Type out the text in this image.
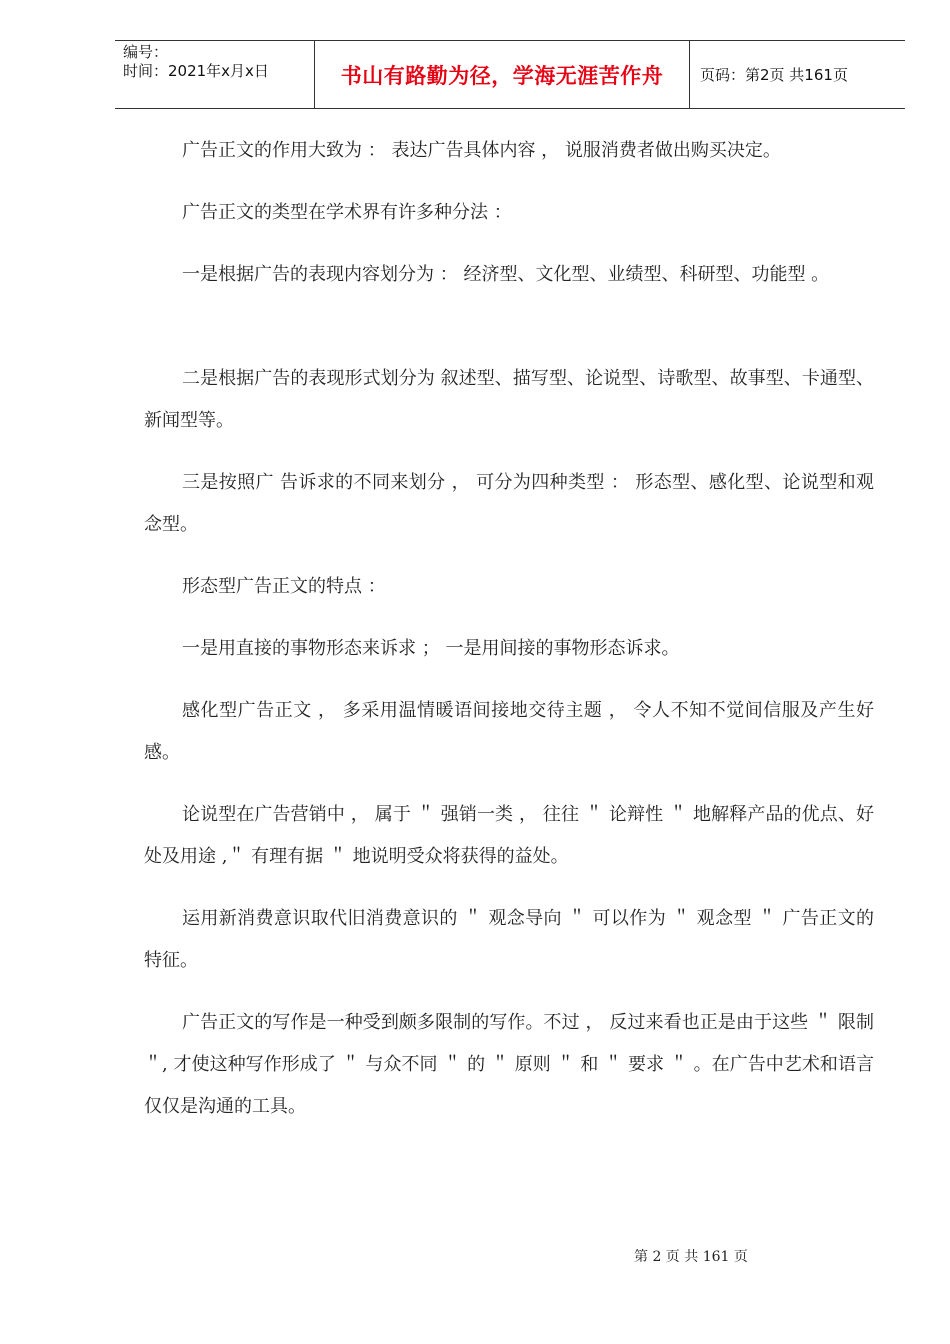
编号：
时间：2021年x月x日	书山有路勤为径，学海无涯苦作舟	页码：第2页 共161页

广告正文的作用大致为 ： 表达广告具体内容 ， 说服消费者做出购买决定。

广告正文的类型在学术界有许多种分法 ：

一是根据广告的表现内容划分为 ： 经济型、文化型、业绩型、科研型、功能型 。

二是根据广告的表现形式划分为 叙述型、描写型、论说型、诗歌型、故事型、卡通型、新闻型等。

三是按照广 告诉求的不同来划分 ， 可分为四种类型 ： 形态型、感化型、论说型和观念型。

形态型广告正文的特点 ：

一是用直接的事物形态来诉求 ； 一是用间接的事物形态诉求。

感化型广告正文 ， 多采用温情暖语间接地交待主题 ， 令人不知不觉间信服及产生好感。

论说型在广告营销中 ， 属于 ＂ 强销一类 ， 往往 ＂ 论辩性 ＂ 地解释产品的优点、好处及用途 ,＂ 有理有据 ＂ 地说明受众将获得的益处。

运用新消费意识取代旧消费意识的 ＂ 观念导向 ＂ 可以作为 ＂ 观念型 ＂ 广告正文的特征。

广告正文的写作是一种受到颇多限制的写作。不过 ， 反过来看也正是由于这些 ＂ 限制 ＂, 才使这种写作形成了 ＂ 与众不同 ＂ 的 ＂ 原则 ＂ 和 ＂ 要求 ＂ 。在广告中艺术和语言仅仅是沟通的工具。

第 2 页 共 161 页
